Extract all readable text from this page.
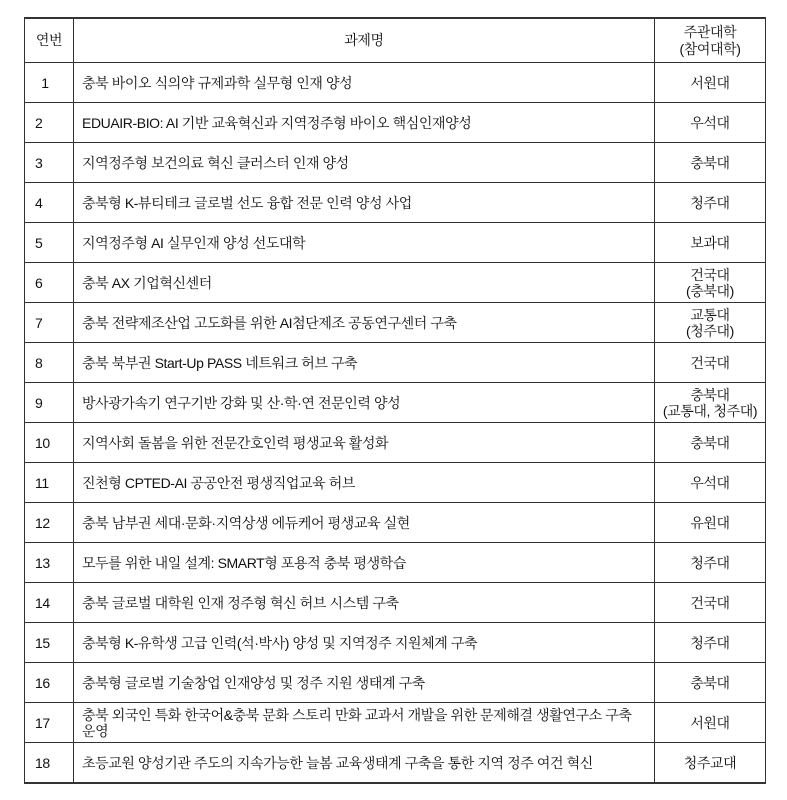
연번	과제명	주관대학
(참여대학)

1	충북 바이오 식의약 규제과학 실무형 인재 양성	서원대

2	EDUAIR-BIO: AI 기반 교육혁신과 지역정주형 바이오 핵심인재양성	우석대

3	지역정주형 보건의료 혁신 클러스터 인재 양성	충북대

4	충북형 K-뷰티테크 글로벌 선도 융합 전문 인력 양성 사업	청주대

5	지역정주형 AI 실무인재 양성 선도대학	보과대

6	충북 AX 기업혁신센터	건국대
(충북대)

7	충북 전략제조산업 고도화를 위한 AI첨단제조 공동연구센터 구축	교통대
(청주대)

8	충북 북부권 Start-Up PASS 네트워크 허브 구축	건국대

9	방사광가속기 연구기반 강화 및 산·학·연 전문인력 양성	충북대
(교통대, 청주대)

10	지역사회 돌봄을 위한 전문간호인력 평생교육 활성화	충북대

11	진천형 CPTED-AI 공공안전 평생직업교육 허브	우석대

12	충북 남부권 세대·문화·지역상생 에듀케어 평생교육 실현	유원대

13	모두를 위한 내일 설계: SMART형 포용적 충북 평생학습	청주대

14	충북 글로벌 대학원 인재 정주형 혁신 허브 시스템 구축	건국대

15	충북형 K-유학생 고급 인력(석·박사) 양성 및 지역정주 지원체계 구축	청주대

16	충북형 글로벌 기술창업 인재양성 및 정주 지원 생태계 구축	충북대

17	충북 외국인 특화 한국어&충북 문화 스토리 만화 교과서 개발을 위한 문제해결 생활연구소 구축 운영	서원대

18	초등교원 양성기관 주도의 지속가능한 늘봄 교육생태계 구축을 통한 지역 정주 여건 혁신	청주교대
